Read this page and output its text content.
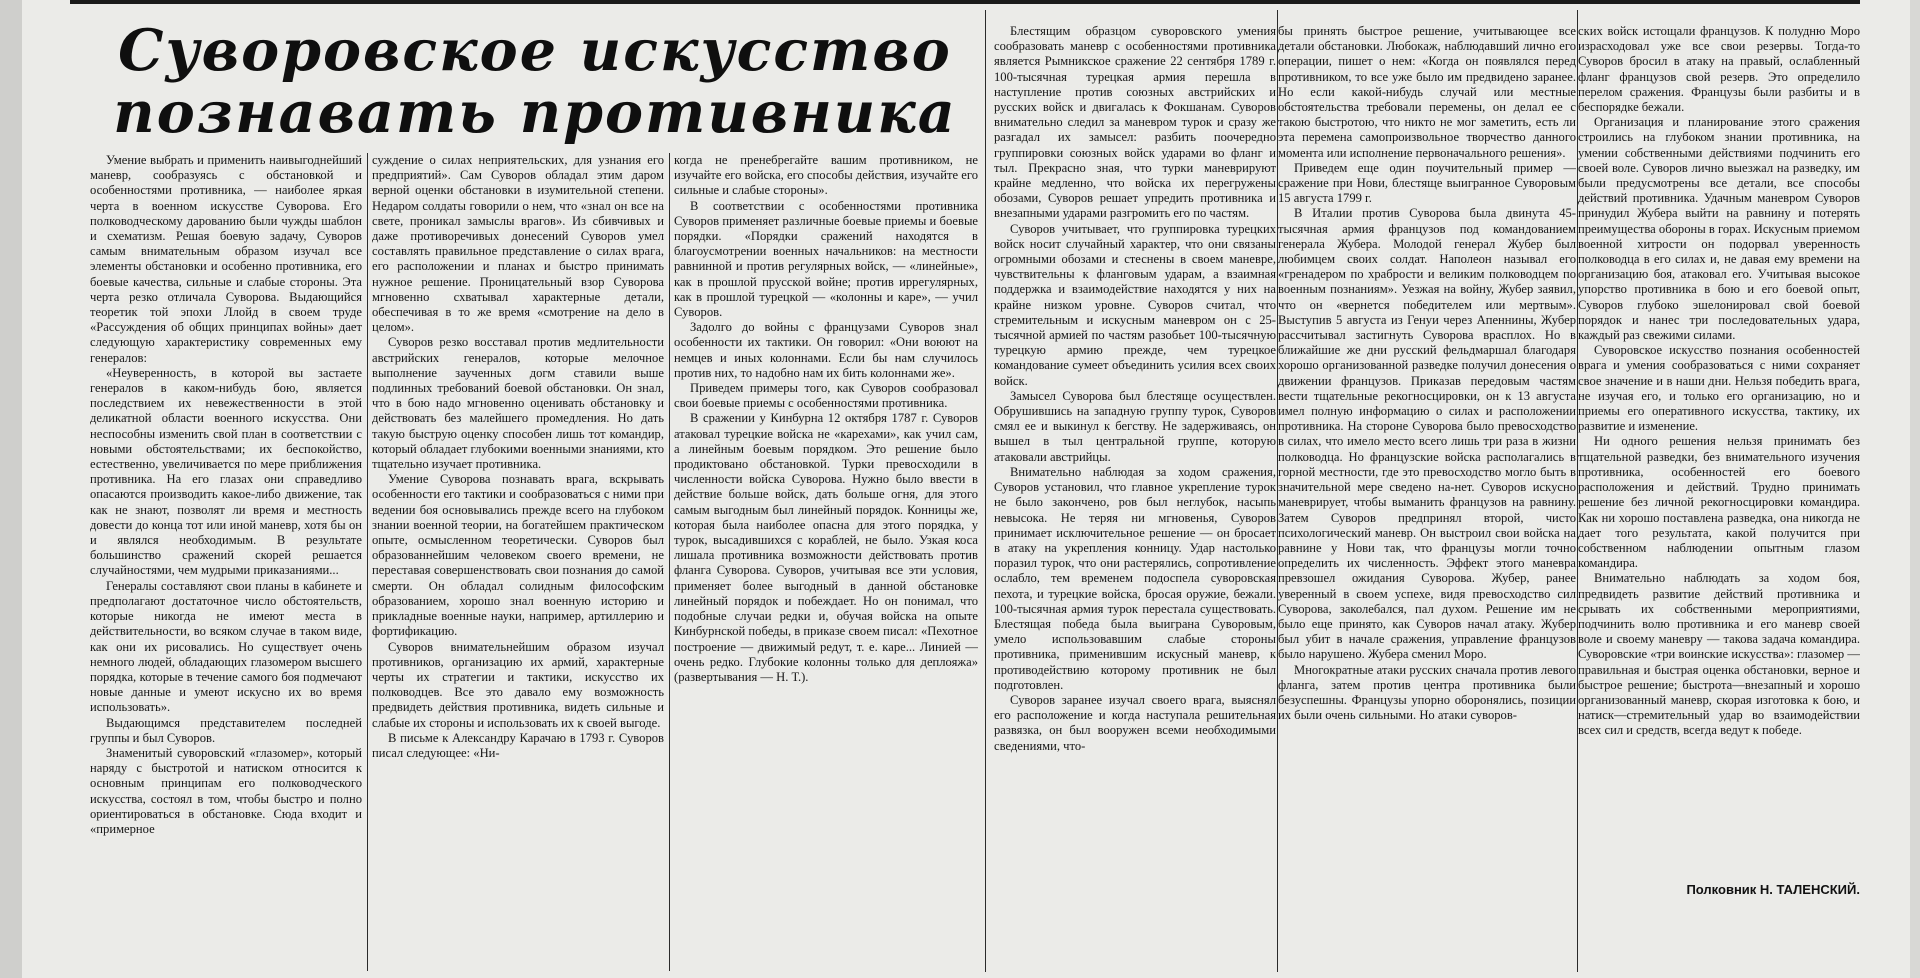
Суворовское искусство
познавать противника

Умение выбрать и применить наивыгоднейший маневр, сообразуясь с обстановкой и особенностями противника, — наиболее яркая черта в военном искусстве Суворова. Его полководческому дарованию были чужды шаблон и схематизм. Решая боевую задачу, Суворов самым внимательным образом изучал все элементы обстановки и особенно противника, его боевые качества, сильные и слабые стороны. Эта черта резко отличала Суворова. Выдающийся теоретик той эпохи Ллойд в своем труде «Рассуждения об общих принципах войны» дает следующую характеристику современных ему генералов:

«Неуверенность, в которой вы застаете генералов в каком-нибудь бою, является последствием их невежественности в этой деликатной области военного искусства. Они неспособны изменить свой план в соответствии с новыми обстоятельствами; их беспокойство, естественно, увеличивается по мере приближения противника. На его глазах они справедливо опасаются производить какое-либо движение, так как не знают, позволят ли время и местность довести до конца тот или иной маневр, хотя бы он и являлся необходимым. В результате большинство сражений скорей решается случайностями, чем мудрыми приказаниями...

Генералы составляют свои планы в кабинете и предполагают достаточное число обстоятельств, которые никогда не имеют места в действительности, во всяком случае в таком виде, как они их рисовались. Но существует очень немного людей, обладающих глазомером высшего порядка, которые в течение самого боя подмечают новые данные и умеют искусно их во время использовать».

Выдающимся представителем последней группы и был Суворов.

Знаменитый суворовский «глазомер», который наряду с быстротой и натиском относится к основным принципам его полководческого искусства, состоял в том, чтобы быстро и полно ориентироваться в обстановке. Сюда входит и «примерное

суждение о силах неприятельских, для узнания его предприятий». Сам Суворов обладал этим даром верной оценки обстановки в изумительной степени. Недаром солдаты говорили о нем, что «знал он все на свете, проникал замыслы врагов». Из сбивчивых и даже противоречивых донесений Суворов умел составлять правильное представление о силах врага, его расположении и планах и быстро принимать нужное решение. Проницательный взор Суворова мгновенно схватывал характерные детали, обеспечивая в то же время «смотрение на дело в целом».

Суворов резко восставал против медлительности австрийских генералов, которые мелочное выполнение заученных догм ставили выше подлинных требований боевой обстановки. Он знал, что в бою надо мгновенно оценивать обстановку и действовать без малейшего промедления. Но дать такую быструю оценку способен лишь тот командир, который обладает глубокими военными знаниями, кто тщательно изучает противника.

Умение Суворова познавать врага, вскрывать особенности его тактики и сообразоваться с ними при ведении боя основывались прежде всего на глубоком знании военной теории, на богатейшем практическом опыте, осмысленном теоретически. Суворов был образованнейшим человеком своего времени, не переставая совершенствовать свои познания до самой смерти. Он обладал солидным философским образованием, хорошо знал военную историю и прикладные военные науки, например, артиллерию и фортификацию.

Суворов внимательнейшим образом изучал противников, организацию их армий, характерные черты их стратегии и тактики, искусство их полководцев. Все это давало ему возможность предвидеть действия противника, видеть сильные и слабые их стороны и использовать их к своей выгоде.

В письме к Александру Карачаю в 1793 г. Суворов писал следующее: «Ни-

когда не пренебрегайте вашим противником, не изучайте его войска, его способы действия, изучайте его сильные и слабые стороны».

В соответствии с особенностями противника Суворов применяет различные боевые приемы и боевые порядки. «Порядки сражений находятся в благоусмотрении военных начальников: на местности равнинной и против регулярных войск, — «линейные», как в прошлой прусской войне; против иррегулярных, как в прошлой турецкой — «колонны и каре», — учил Суворов.

Задолго до войны с французами Суворов знал особенности их тактики. Он говорил: «Они воюют на немцев и иных колоннами. Если бы нам случилось против них, то надобно нам их бить колоннами же».

Приведем примеры того, как Суворов сообразовал свои боевые приемы с особенностями противника.

В сражении у Кинбурна 12 октября 1787 г. Суворов атаковал турецкие войска не «карехами», как учил сам, а линейным боевым порядком. Это решение было продиктовано обстановкой. Турки превосходили в численности войска Суворова. Нужно было ввести в действие больше войск, дать больше огня, для этого самым выгодным был линейный порядок. Конницы же, которая была наиболее опасна для этого порядка, у турок, высадившихся с кораблей, не было. Узкая коса лишала противника возможности действовать против фланга Суворова. Суворов, учитывая все эти условия, применяет более выгодный в данной обстановке линейный порядок и побеждает. Но он понимал, что подобные случаи редки и, обучая войска на опыте Кинбурнской победы, в приказе своем писал: «Пехотное построение — движимый редут, т. е. каре... Линией — очень редко. Глубокие колонны только для деплояжа» (развертывания — Н. Т.).

Блестящим образцом суворовского умения сообразовать маневр с особенностями противника является Рымникское сражение 22 сентября 1789 г. 100-тысячная турецкая армия перешла в наступление против союзных австрийских и русских войск и двигалась к Фокшанам. Суворов внимательно следил за маневром турок и сразу же разгадал их замысел: разбить поочередно группировки союзных войск ударами во фланг и тыл. Прекрасно зная, что турки маневрируют крайне медленно, что войска их перегружены обозами, Суворов решает упредить противника и внезапными ударами разгромить его по частям.

Суворов учитывает, что группировка турецких войск носит случайный характер, что они связаны огромными обозами и стеснены в своем маневре, чувствительны к фланговым ударам, а взаимная поддержка и взаимодействие находятся у них на крайне низком уровне. Суворов считал, что стремительным и искусным маневром он с 25-тысячной армией по частям разобьет 100-тысячную турецкую армию прежде, чем турецкое командование сумеет объединить усилия всех своих войск.

Замысел Суворова был блестяще осуществлен. Обрушившись на западную группу турок, Суворов смял ее и выкинул к бегству. Не задерживаясь, он вышел в тыл центральной группе, которую атаковали австрийцы.

Внимательно наблюдая за ходом сражения, Суворов установил, что главное укрепление турок не было закончено, ров был неглубок, насыпь невысока. Не теряя ни мгновенья, Суворов принимает исключительное решение — он бросает в атаку на укрепления конницу. Удар настолько поразил турок, что они растерялись, сопротивление ослабло, тем временем подоспела суворовская пехота, и турецкие войска, бросая оружие, бежали. 100-тысячная армия турок перестала существовать. Блестящая победа была выиграна Суворовым, умело использовавшим слабые стороны противника, применившим искусный маневр, к противодействию которому противник не был подготовлен.

Суворов заранее изучал своего врага, выяснял его расположение и когда наступала решительная развязка, он был вооружен всеми необходимыми сведениями, что-

бы принять быстрое решение, учитывающее все детали обстановки. Любокаж, наблюдавший лично его операции, пишет о нем: «Когда он появлялся перед противником, то все уже было им предвидено заранее. Но если какой-нибудь случай или местные обстоятельства требовали перемены, он делал ее с такою быстротою, что никто не мог заметить, есть ли эта перемена самопроизвольное творчество данного момента или исполнение первоначального решения».

Приведем еще один поучительный пример — сражение при Нови, блестяще выигранное Суворовым 15 августа 1799 г.

В Италии против Суворова была двинута 45-тысячная армия французов под командованием генерала Жубера. Молодой генерал Жубер был любимцем своих солдат. Наполеон называл его «гренадером по храбрости и великим полководцем по военным познаниям». Уезжая на войну, Жубер заявил, что он «вернется победителем или мертвым». Выступив 5 августа из Генуи через Апеннины, Жубер рассчитывал застигнуть Суворова врасплох. Но в ближайшие же дни русский фельдмаршал благодаря хорошо организованной разведке получил донесения о движении французов. Приказав передовым частям вести тщательные рекогносцировки, он к 13 августа имел полную информацию о силах и расположении противника. На стороне Суворова было превосходство в силах, что имело место всего лишь три раза в жизни полководца. Но французские войска располагались в горной местности, где это превосходство могло быть в значительной мере сведено на-нет. Суворов искусно маневрирует, чтобы выманить французов на равнину. Затем Суворов предпринял второй, чисто психологический маневр. Он выстроил свои войска на равнине у Нови так, что французы могли точно определить их численность. Эффект этого маневра превзошел ожидания Суворова. Жубер, ранее уверенный в своем успехе, видя превосходство сил Суворова, заколебался, пал духом. Решение им не было еще принято, как Суворов начал атаку. Жубер был убит в начале сражения, управление французов было нарушено. Жубера сменил Моро.

Многократные атаки русских сначала против левого фланга, затем против центра противника были безуспешны. Французы упорно оборонялись, позиции их были очень сильными. Но атаки суворов-

ских войск истощали французов. К полудню Моро израсходовал уже все свои резервы. Тогда-то Суворов бросил в атаку на правый, ослабленный фланг французов свой резерв. Это определило перелом сражения. Французы были разбиты и в беспорядке бежали.

Организация и планирование этого сражения строились на глубоком знании противника, на умении собственными действиями подчинить его своей воле. Суворов лично выезжал на разведку, им были предусмотрены все детали, все способы действий противника. Удачным маневром Суворов принудил Жубера выйти на равнину и потерять преимущества обороны в горах. Искусным приемом военной хитрости он подорвал уверенность полководца в его силах и, не давая ему времени на организацию боя, атаковал его. Учитывая высокое упорство противника в бою и его боевой опыт, Суворов глубоко эшелонировал свой боевой порядок и нанес три последовательных удара, каждый раз свежими силами.

Суворовское искусство познания особенностей врага и умения сообразоваться с ними сохраняет свое значение и в наши дни. Нельзя победить врага, не изучая его, и только его организацию, но и приемы его оперативного искусства, тактику, их развитие и изменение.

Ни одного решения нельзя принимать без тщательной разведки, без внимательного изучения противника, особенностей его боевого расположения и действий. Трудно принимать решение без личной рекогносцировки командира. Как ни хорошо поставлена разведка, она никогда не дает того результата, какой получится при собственном наблюдении опытным глазом командира.

Внимательно наблюдать за ходом боя, предвидеть развитие действий противника и срывать их собственными мероприятиями, подчинить волю противника и его маневр своей воле и своему маневру — такова задача командира. Суворовские «три воинские искусства»: глазомер — правильная и быстрая оценка обстановки, верное и быстрое решение; быстрота—внезапный и хорошо организованный маневр, скорая изготовка к бою, и натиск—стремительный удар во взаимодействии всех сил и средств, всегда ведут к победе.

Полковник Н. ТАЛЕНСКИЙ.
